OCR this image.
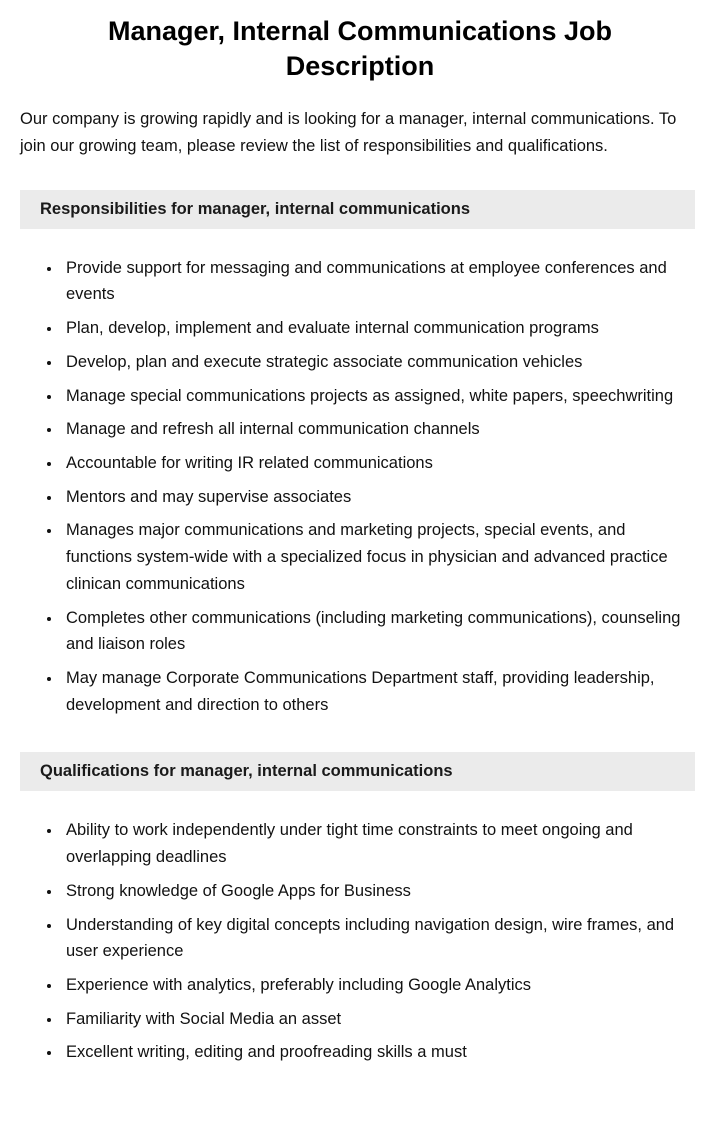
Manager, Internal Communications Job Description

Our company is growing rapidly and is looking for a manager, internal communications. To join our growing team, please review the list of responsibilities and qualifications.

Responsibilities for manager, internal communications
• Provide support for messaging and communications at employee conferences and events
• Plan, develop, implement and evaluate internal communication programs
• Develop, plan and execute strategic associate communication vehicles
• Manage special communications projects as assigned, white papers, speechwriting
• Manage and refresh all internal communication channels
• Accountable for writing IR related communications
• Mentors and may supervise associates
• Manages major communications and marketing projects, special events, and functions system-wide with a specialized focus in physician and advanced practice clinican communications
• Completes other communications (including marketing communications), counseling and liaison roles
• May manage Corporate Communications Department staff, providing leadership, development and direction to others
Qualifications for manager, internal communications
• Ability to work independently under tight time constraints to meet ongoing and overlapping deadlines
• Strong knowledge of Google Apps for Business
• Understanding of key digital concepts including navigation design, wire frames, and user experience
• Experience with analytics, preferably including Google Analytics
• Familiarity with Social Media an asset
• Excellent writing, editing and proofreading skills a must
